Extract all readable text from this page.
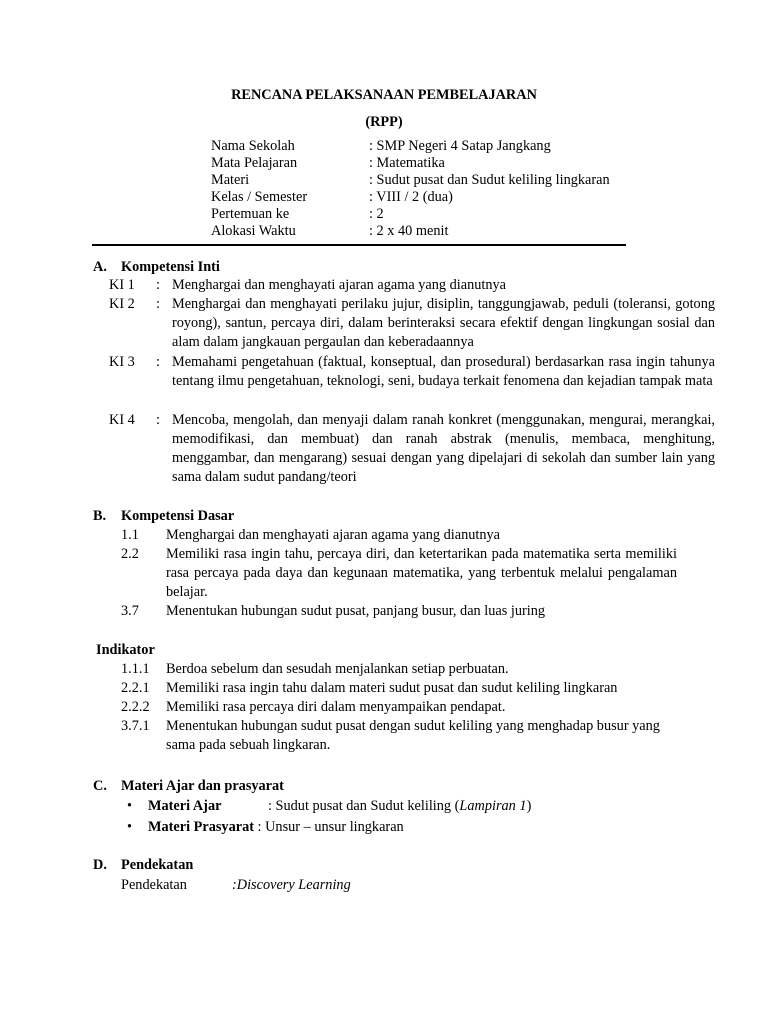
RENCANA PELAKSANAAN PEMBELAJARAN
(RPP)
Nama Sekolah	: SMP Negeri 4 Satap Jangkang
Mata Pelajaran	: Matematika
Materi	: Sudut pusat dan Sudut keliling lingkaran
Kelas / Semester	: VIII / 2 (dua)
Pertemuan ke	: 2
Alokasi Waktu	: 2 x 40 menit
A. Kompetensi Inti
KI 1 : Menghargai dan menghayati ajaran agama yang dianutnya
KI 2 : Menghargai dan menghayati perilaku jujur, disiplin, tanggungjawab, peduli (toleransi, gotong royong), santun, percaya diri, dalam berinteraksi secara efektif dengan lingkungan sosial dan alam dalam jangkauan pergaulan dan keberadaannya
KI 3 : Memahami pengetahuan (faktual, konseptual, dan prosedural) berdasarkan rasa ingin tahunya tentang ilmu pengetahuan, teknologi, seni, budaya terkait fenomena dan kejadian tampak mata
KI 4 : Mencoba, mengolah, dan menyaji dalam ranah konkret (menggunakan, mengurai, merangkai, memodifikasi, dan membuat) dan ranah abstrak (menulis, membaca, menghitung, menggambar, dan mengarang) sesuai dengan yang dipelajari di sekolah dan sumber lain yang sama dalam sudut pandang/teori
B. Kompetensi Dasar
1.1 Menghargai dan menghayati ajaran agama yang dianutnya
2.2 Memiliki rasa ingin tahu, percaya diri, dan ketertarikan pada matematika serta memiliki rasa percaya pada daya dan kegunaan matematika, yang terbentuk melalui pengalaman belajar.
3.7 Menentukan hubungan sudut pusat, panjang busur, dan luas juring
Indikator
1.1.1 Berdoa sebelum dan sesudah menjalankan setiap perbuatan.
2.2.1 Memiliki rasa ingin tahu dalam materi sudut pusat dan sudut keliling lingkaran
2.2.2 Memiliki rasa percaya diri dalam menyampaikan pendapat.
3.7.1 Menentukan hubungan sudut pusat dengan sudut keliling yang menghadap busur yang sama pada sebuah lingkaran.
C. Materi Ajar dan prasyarat
• Materi Ajar	: Sudut pusat dan Sudut keliling (Lampiran 1)
• Materi Prasyarat : Unsur – unsur lingkaran
D. Pendekatan
Pendekatan	:Discovery Learning
